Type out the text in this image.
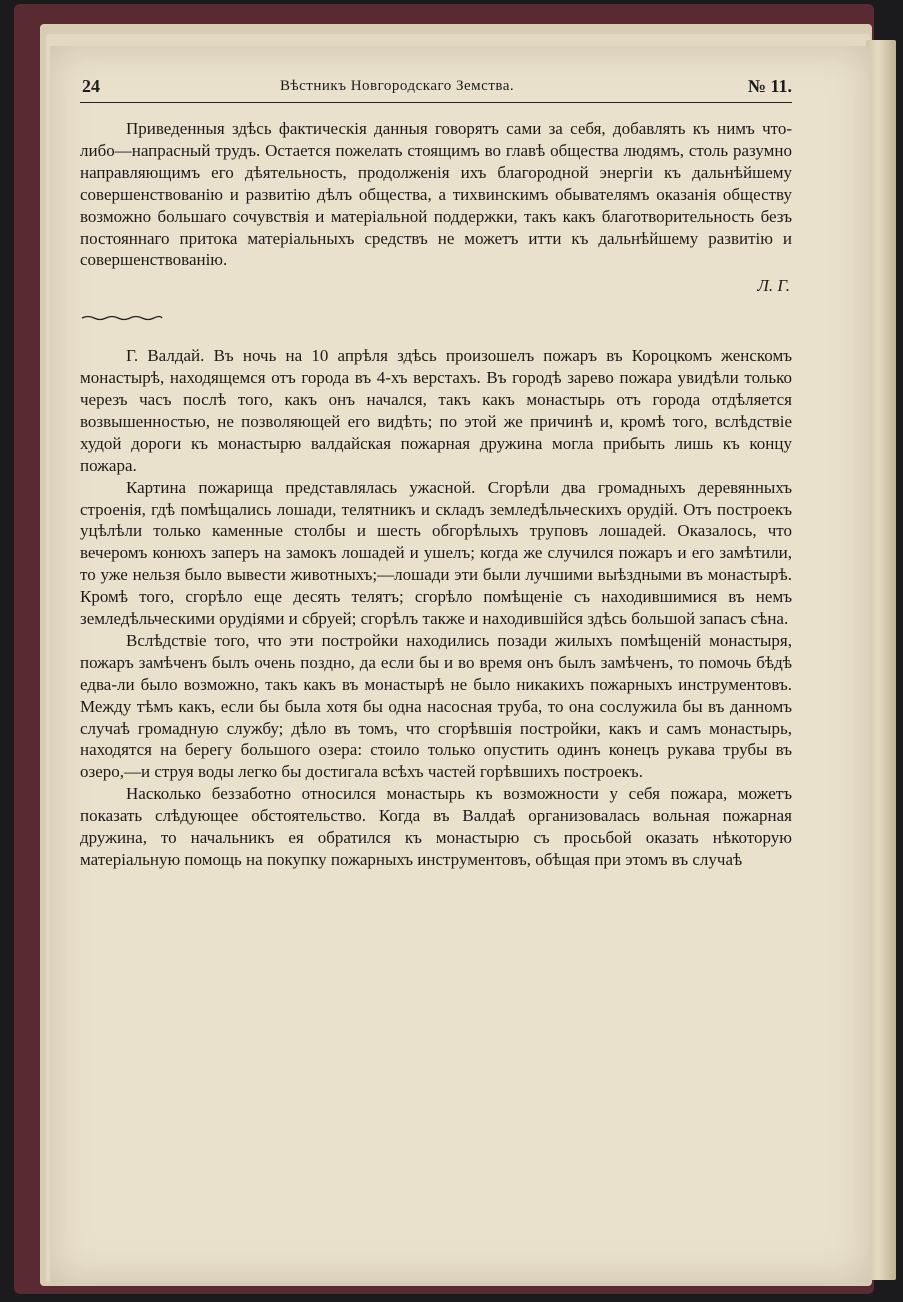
24	Вѣстникъ Новгородскаго Земства.	№ 11.

Приведенныя здѣсь фактическія данныя говорятъ сами за себя, добавлять къ нимъ что-либо—напрасный трудъ. Остается пожелать стоящимъ во главѣ общества людямъ, столь разумно направляющимъ его дѣятельность, продолженія ихъ благородной энергіи къ дальнѣйшему совершенствованію и развитію дѣлъ общества, а тихвинскимъ обывателямъ оказанія обществу возможно большаго сочувствія и матеріальной поддержки, такъ какъ благотворительность безъ постояннаго притока матеріальныхъ средствъ не можетъ итти къ дальнѣйшему развитію и совершенствованію.

Л. Г.

Г. Валдай. Въ ночь на 10 апрѣля здѣсь произошелъ пожаръ въ Короцкомъ женскомъ монастырѣ, находящемся отъ города въ 4-хъ верстахъ. Въ городѣ зарево пожара увидѣли только черезъ часъ послѣ того, какъ онъ начался, такъ какъ монастырь отъ города отдѣляется возвышенностью, не позволяющей его видѣть; по этой же причинѣ и, кромѣ того, вслѣдствіе худой дороги къ монастырю валдайская пожарная дружина могла прибыть лишь къ концу пожара.

Картина пожарища представлялась ужасной. Сгорѣли два громадныхъ деревянныхъ строенія, гдѣ помѣщались лошади, телятникъ и складъ земледѣльческихъ орудій. Отъ построекъ уцѣлѣли только каменные столбы и шесть обгорѣлыхъ труповъ лошадей. Оказалось, что вечеромъ конюхъ заперъ на замокъ лошадей и ушелъ; когда же случился пожаръ и его замѣтили, то уже нельзя было вывести животныхъ;—лошади эти были лучшими выѣздными въ монастырѣ. Кромѣ того, сгорѣло еще десять телятъ; сгорѣло помѣщеніе съ находившимися въ немъ земледѣльческими орудіями и сбруей; сгорѣлъ также и находившійся здѣсь большой запасъ сѣна.

Вслѣдствіе того, что эти постройки находились позади жилыхъ помѣщеній монастыря, пожаръ замѣченъ былъ очень поздно, да если бы и во время онъ былъ замѣченъ, то помочь бѣдѣ едва-ли было возможно, такъ какъ въ монастырѣ не было никакихъ пожарныхъ инструментовъ. Между тѣмъ какъ, если бы была хотя бы одна насосная труба, то она сослужила бы въ данномъ случаѣ громадную службу; дѣло въ томъ, что сгорѣвшія постройки, какъ и самъ монастырь, находятся на берегу большого озера: стоило только опустить одинъ конецъ рукава трубы въ озеро,—и струя воды легко бы достигала всѣхъ частей горѣвшихъ построекъ.

Насколько беззаботно относился монастырь къ возможности у себя пожара, можетъ показать слѣдующее обстоятельство. Когда въ Валдаѣ организовалась вольная пожарная дружина, то начальникъ ея обратился къ монастырю съ просьбой оказать нѣкоторую матеріальную помощь на покупку пожарныхъ инструментовъ, обѣщая при этомъ въ случаѣ
